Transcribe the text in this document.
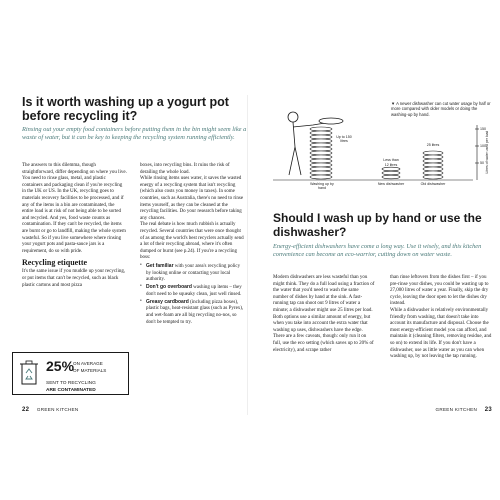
Is it worth washing up a yogurt pot before recycling it?

Rinsing out your empty food containers before putting them in the bin might seem like a waste of water, but it can be key to keeping the recycling system running efficiently.

The answers to this dilemma, though straightforward, differ depending on where you live. You need to rinse glass, metal, and plastic containers and packaging clean if you're recycling in the UK or US. In the UK, recycling goes to materials recovery facilities to be processed, and if any of the items in a bin are contaminated, the entire load is at risk of not being able to be sorted and recycled. And yes, food waste counts as contamination. If they can't be recycled, the items are burnt or go to landfill, making the whole system wasteful. So if you live somewhere where rinsing your yogurt pots and pasta-sauce jars is a requirement, do so with pride.

Recycling etiquette

It's the same issue if you muddle up your recycling, or put items that can't be recycled, such as black plastic cartons and most pizza

boxes, into recycling bins. It ruins the risk of derailing the whole load.
While rinsing items uses water, it saves the wasted energy of a recycling system that isn't recycling (which also costs you money in taxes). In some countries, such as Australia, there's no need to rinse items yourself, as they can be cleaned at the recycling facilities. Do your research before taking any chances.
The real debate is how much rubbish is actually recycled. Several countries that were once thought of as among the world's best recyclers actually send a lot of their recycling abroad, where it's often dumped or burnt (see p.24). If you're a recycling boss:

• Get familiar with your area's recycling policy by looking online or contacting your local authority.
• Don't go overboard washing up items – they don't need to be squeaky clean, just well rinsed.
• Greasy cardboard (including pizza boxes), plastic bags, heat-resistant glass (such as Pyrex), and wet-foam are all big recycling no-nos, so don't be tempted to try.
25%
ON AVERAGE
OF MATERIALS
SENT TO RECYCLING
ARE CONTAMINATED
22 GREEN KITCHEN
▼ A newer dishwasher can cut water usage by half or more compared with older models or doing the washing-up by hand.
Up to 150 litres
Less than
12 litres
25 litres
Washing up by hand
New dishwasher	Old dishwasher
150
100
50 Litres of water used per load
Should I wash up by hand or use the dishwasher?

Energy-efficient dishwashers have come a long way. Use it wisely, and this kitchen convenience can become an eco-warrior, cutting down on water waste.

Modern dishwashers are less wasteful than you might think. They do a full load using a fraction of the water that you'd need to wash the same number of dishes by hand at the sink. A fast-running tap can shoot out 9 litres of water a minute; a dishwasher might use 25 litres per load.
Both options use a similar amount of energy, but when you take into account the extra water that washing up uses, dishwashers have the edge. There are a few caveats, though: only run it on full, use the eco setting (which saves up to 20% of electricity), and scrape rather

than rinse leftovers from the dishes first – if you pre-rinse your dishes, you could be wasting up to 27,000 litres of water a year. Finally, skip the dry cycle, leaving the door open to let the dishes dry instead.
While a dishwasher is relatively environmentally friendly from washing, that doesn't take into account its manufacture and disposal. Choose the most energy-efficient model you can afford, and maintain it (cleaning filters, removing residue, and so on) to extend its life. If you don't have a dishwasher, use as little water as you can when washing up, by not leaving the tap running.

GREEN KITCHEN 23
